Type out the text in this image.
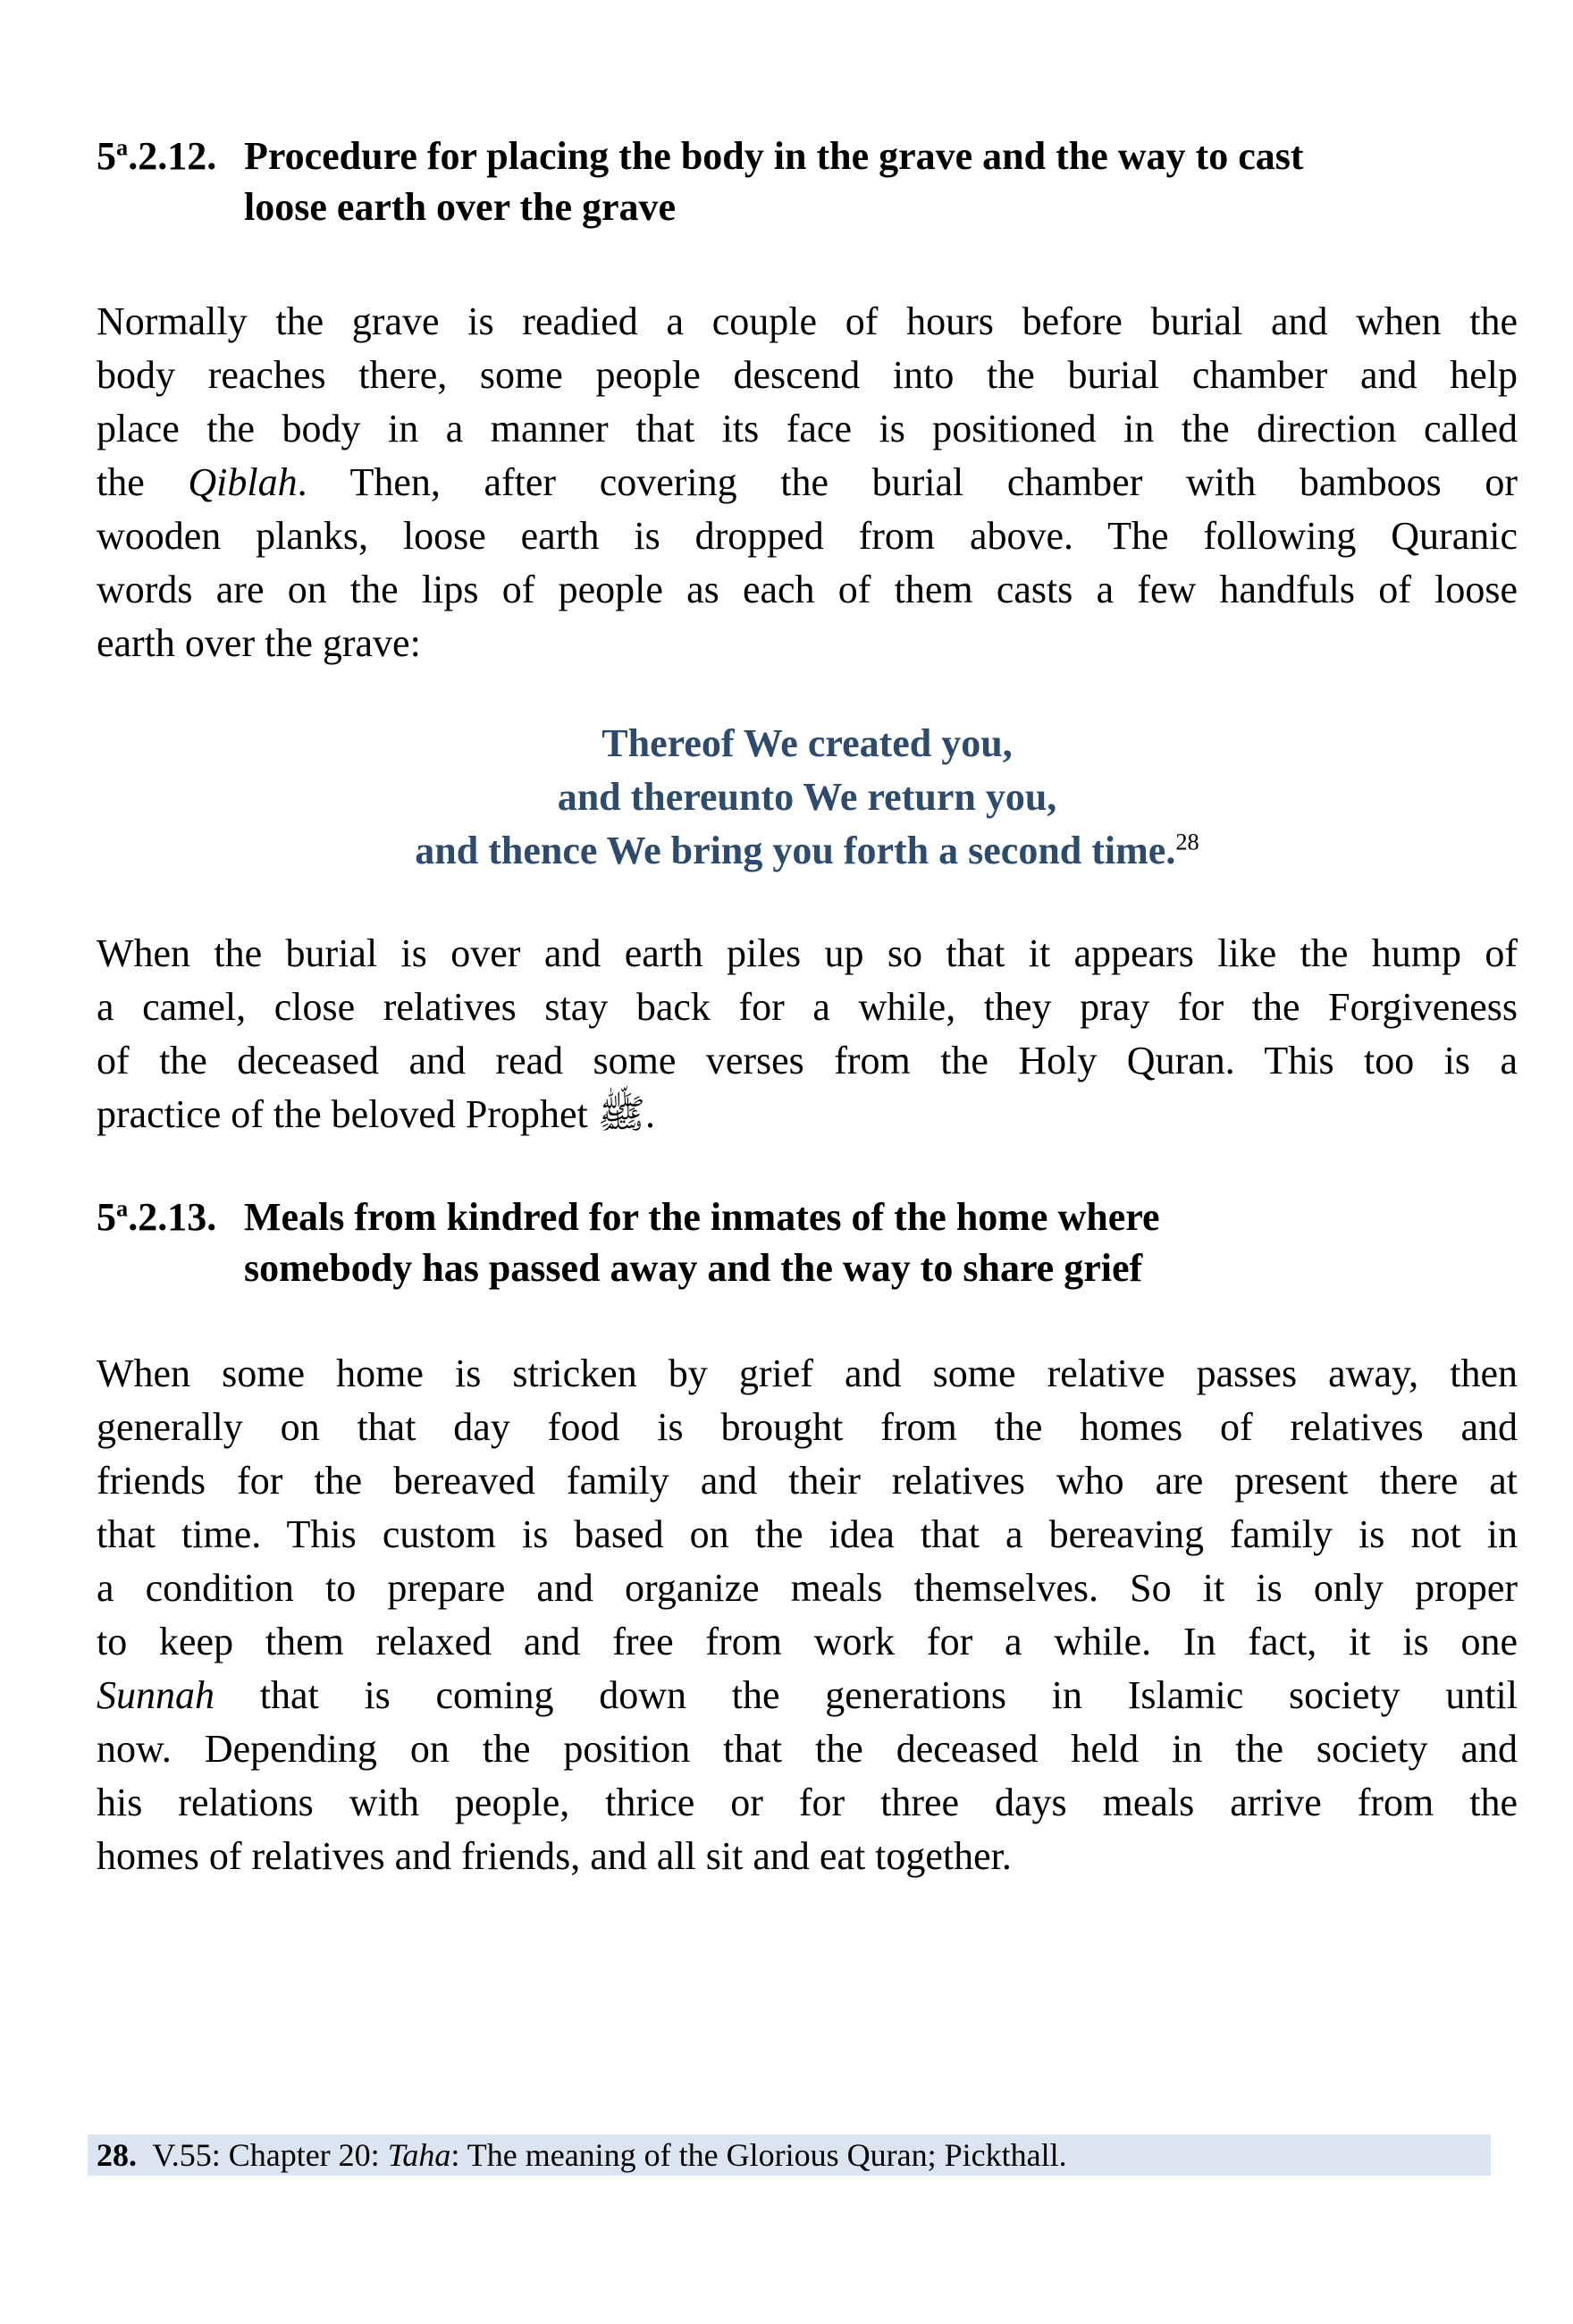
5$^a$.2.12. Procedure for placing the body in the grave and the way to cast
loose earth over the grave
Normally the grave is readied a couple of hours before burial and when the
body reaches there, some people descend into the burial chamber and help
place the body in a manner that its face is positioned in the direction called
the Qiblah. Then, after covering the burial chamber with bamboos or
wooden planks, loose earth is dropped from above. The following Quranic
words are on the lips of people as each of them casts a few handfuls of loose
earth over the grave:
Thereof We created you,
and thereunto We return you,
and thence We bring you forth a second time.$^{28}$
When the burial is over and earth piles up so that it appears like the hump of
a camel, close relatives stay back for a while, they pray for the Forgiveness
of the deceased and read some verses from the Holy Quran. This too is a
practice of the beloved Prophet ﷺ.
5$^a$.2.13. Meals from kindred for the inmates of the home where
somebody has passed away and the way to share grief
When some home is stricken by grief and some relative passes away, then
generally on that day food is brought from the homes of relatives and
friends for the bereaved family and their relatives who are present there at
that time. This custom is based on the idea that a bereaving family is not in
a condition to prepare and organize meals themselves. So it is only proper
to keep them relaxed and free from work for a while. In fact, it is one
Sunnah that is coming down the generations in Islamic society until
now. Depending on the position that the deceased held in the society and
his relations with people, thrice or for three days meals arrive from the
homes of relatives and friends, and all sit and eat together.
28.  V.55: Chapter 20: Taha: The meaning of the Glorious Quran; Pickthall.
